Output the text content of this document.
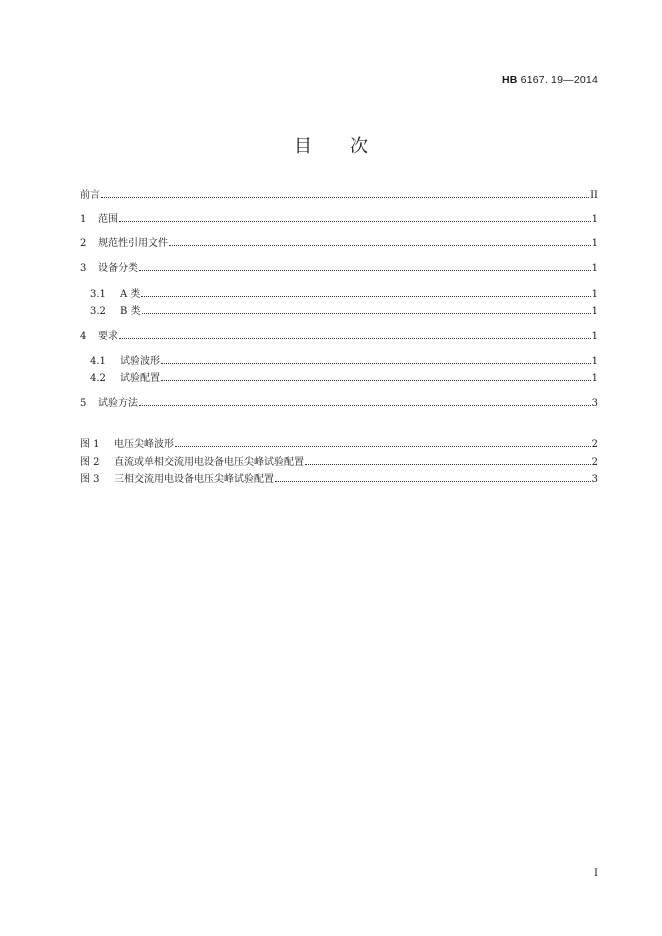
HB 6167. 19—2014
目次
前言	II
1	范围	1
2	规范性引用文件	1
3	设备分类	1
3.1	A 类	1
3.2	B 类	1
4	要求	1
4.1	试验波形	1
4.2	试验配置	1
5	试验方法	3
图 1	电压尖峰波形	2
图 2	直流或单相交流用电设备电压尖峰试验配置	2
图 3	三相交流用电设备电压尖峰试验配置	3
I
